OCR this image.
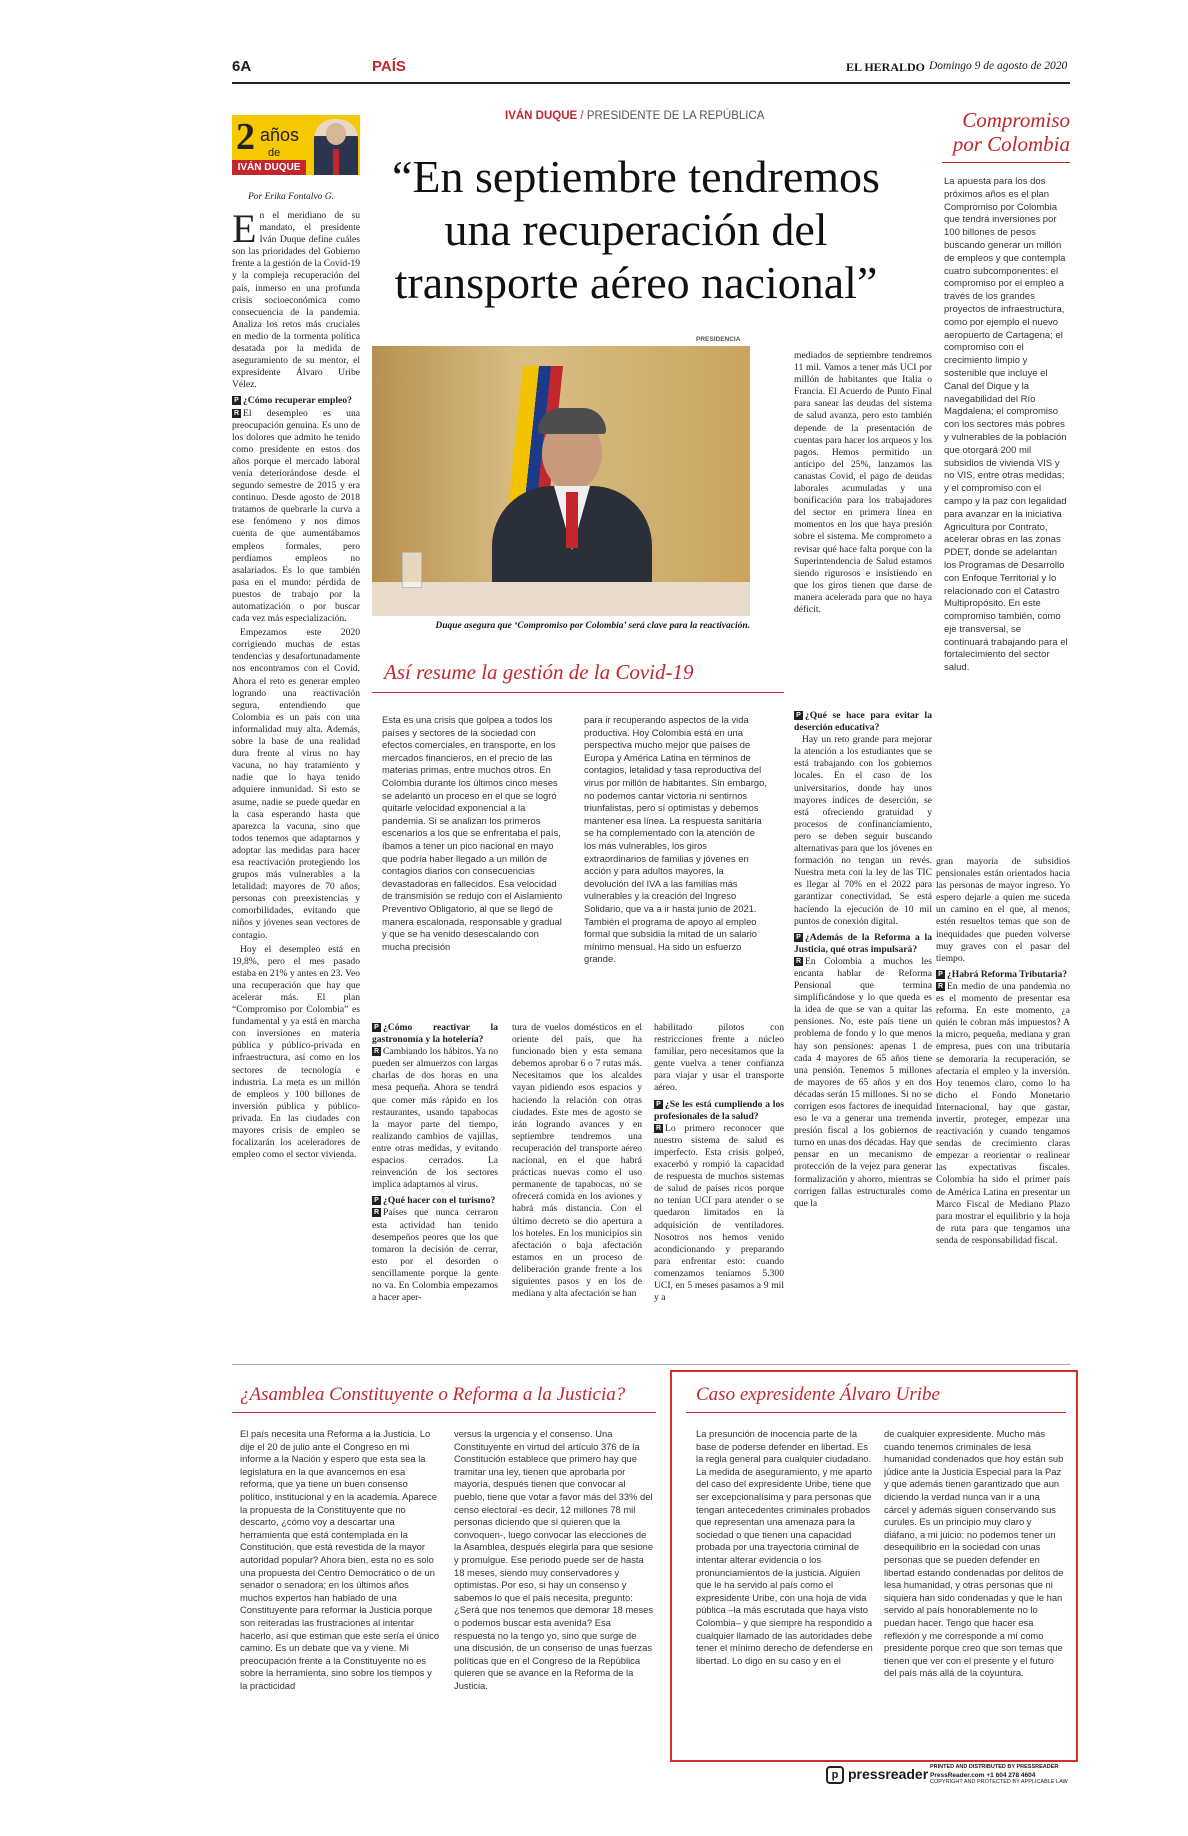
6A	PAÍS	EL HERALDO Domingo 9 de agosto de 2020
2 años
de
IVÁN DUQUE
IVÁN DUQUE / PRESIDENTE DE LA REPÚBLICA
“En septiembre tendremos
una recuperación del
transporte aéreo nacional”
Compromiso
por Colombia
La apuesta para los dos próximos años es el plan Compromiso por Colombia que tendrá inversiones por 100 billones de pesos buscando generar un millón de empleos y que contempla cuatro subcomponentes: el compromiso por el empleo a través de los grandes proyectos de infraestructura, como por ejemplo el nuevo aeropuerto de Cartagena; el compromiso con el crecimiento limpio y sostenible que incluye el Canal del Dique y la navegabilidad del Río Magdalena; el compromiso con los sectores más pobres y vulnerables de la población que otorgará 200 mil subsidios de vivienda VIS y no VIS, entre otras medidas; y el compromiso con el campo y la paz con legalidad para avanzar en la iniciativa Agricultura por Contrato, acelerar obras en las zonas PDET, donde se adelantan los Programas de Desarrollo con Enfoque Territorial y lo relacionado con el Catastro Multipropósito. En este compromiso también, como eje transversal, se continuará trabajando para el fortalecimiento del sector salud.
Por Erika Fontalvo G.
E n el meridiano de su mandato, el presidente Iván Duque define cuáles son las prioridades del Gobierno frente a la gestión de la Covid-19 y la compleja recuperación del país, inmerso en una profunda crisis socioeconómica como consecuencia de la pandemia. Analiza los retos más cruciales en medio de la tormenta política desatada por la medida de aseguramiento de su mentor, el expresidente Álvaro Uribe Vélez.

P ¿Cómo recuperar empleo?

R El desempleo es una preocupación genuina. Es uno de los dolores que admito he tenido como presidente en estos dos años porque el mercado laboral venía deteriorándose desde el segundo semestre de 2015 y era continuo. Desde agosto de 2018 tratamos de quebrarle la curva a ese fenómeno y nos dimos cuenta de que aumentábamos empleos formales, pero perdíamos empleos no asalariados. Es lo que también pasa en el mundo: pérdida de puestos de trabajo por la automatización o por buscar cada vez más especialización.

Empezamos este 2020 corrigiendo muchas de estas tendencias y desafortunadamente nos encontramos con el Covid. Ahora el reto es generar empleo logrando una reactivación segura, entendiendo que Colombia es un país con una informalidad muy alta. Además, sobre la base de una realidad dura frente al virus no hay vacuna, no hay tratamiento y nadie que lo haya tenido adquiere inmunidad. Si esto se asume, nadie se puede quedar en la casa esperando hasta que aparezca la vacuna, sino que todos tenemos que adaptarnos y adoptar las medidas para hacer esa reactivación protegiendo los grupos más vulnerables a la letalidad: mayores de 70 años, personas con preexistencias y comorbilidades, evitando que niños y jóvenes sean vectores de contagio.

Hoy el desempleo está en 19,8%, pero el mes pasado estaba en 21% y antes en 23. Veo una recuperación que hay que acelerar más. El plan “Compromiso por Colombia” es fundamental y ya está en marcha con inversiones en materia pública y público-privada en infraestructura, así como en los sectores de tecnología e industria. La meta es un millón de empleos y 100 billones de inversión pública y público-privada. En las ciudades con mayores crisis de empleo se focalizarán los aceleradores de empleo como el sector vivienda.

PRESIDENCIA
Duque asegura que ‘Compromiso por Colombia’ será clave para la reactivación.
mediados de septiembre tendremos 11 mil. Vamos a tener más UCI por millón de habitantes que Italia o Francia. El Acuerdo de Punto Final para sanear las deudas del sistema de salud avanza, pero esto también depende de la presentación de cuentas para hacer los arqueos y los pagos. Hemos permitido un anticipo del 25%, lanzamos las canastas Covid, el pago de deudas laborales acumuladas y una bonificación para los trabajadores del sector en primera línea en momentos en los que haya presión sobre el sistema. Me comprometo a revisar qué hace falta porque con la Superintendencia de Salud estamos siendo rigurosos e insistiendo en que los giros tienen que darse de manera acelerada para que no haya déficit.
Así resume la gestión de la Covid-19
Esta es una crisis que golpea a todos los países y sectores de la sociedad con efectos comerciales, en transporte, en los mercados financieros, en el precio de las materias primas, entre muchos otros. En Colombia durante los últimos cinco meses se adelantó un proceso en el que se logró quitarle velocidad exponencial a la pandemia. Si se analizan los primeros escenarios a los que se enfrentaba el país, íbamos a tener un pico nacional en mayo que podría haber llegado a un millón de contagios diarios con consecuencias devastadoras en fallecidos. Esa velocidad de transmisión se redujo con el Aislamiento Preventivo Obligatorio, al que se llegó de manera escalonada, responsable y gradual y que se ha venido desescalando con mucha precisión
para ir recuperando aspectos de la vida productiva. Hoy Colombia está en una perspectiva mucho mejor que países de Europa y América Latina en términos de contagios, letalidad y tasa reproductiva del virus por millón de habitantes. Sin embargo, no podemos cantar victoria ni sentirnos triunfalistas, pero sí optimistas y debemos mantener esa línea. La respuesta sanitaria se ha complementado con la atención de los más vulnerables, los giros extraordinarios de familias y jóvenes en acción y para adultos mayores, la devolución del IVA a las familias más vulnerables y la creación del Ingreso Solidario, que va a ir hasta junio de 2021. También el programa de apoyo al empleo formal que subsidia la mitad de un salario mínimo mensual. Ha sido un esfuerzo grande.
P ¿Qué se hace para evitar la deserción educativa?

Hay un reto grande para mejorar la atención a los estudiantes que se está trabajando con los gobiernos locales. En el caso de los universitarios, donde hay unos mayores índices de deserción, se está ofreciendo gratuidad y procesos de confinanciamiento, pero se deben seguir buscando alternativas para que los jóvenes en formación no tengan un revés. Nuestra meta con la ley de las TIC es llegar al 70% en el 2022 para garantizar conectividad. Se está haciendo la ejecución de 10 mil puntos de conexión digital.

P ¿Además de la Reforma a la Justicia, qué otras impulsará?

R En Colombia a muchos les encanta hablar de Reforma Pensional que termina simplificándose y lo que queda es la idea de que se van a quitar las pensiones. No, este país tiene un problema de fondo y lo que menos hay son pensiones: apenas 1 de cada 4 mayores de 65 años tiene una pensión. Tenemos 5 millones de mayores de 65 años y en dos décadas serán 15 millones. Si no se corrigen esos factores de inequidad eso le va a generar una tremenda presión fiscal a los gobiernos de turno en unas dos décadas. Hay que pensar en un mecanismo de protección de la vejez para generar formalización y ahorro, mientras se corrigen fallas estructurales como que la

gran mayoría de subsidios pensionales están orientados hacia las personas de mayor ingreso. Yo espero dejarle a quien me suceda un camino en el que, al menos, estén resueltos temas que son de inequidades que pueden volverse muy graves con el pasar del tiempo.

P ¿Habrá Reforma Tributaria?

R En medio de una pandemia no es el momento de presentar esa reforma. En este momento, ¿a quién le cobran más impuestos? A la micro, pequeña, mediana y gran empresa, pues con una tributaria se demoraría la recuperación, se afectaría el empleo y la inversión. Hoy tenemos claro, como lo ha dicho el Fondo Monetario Internacional, hay que gastar, invertir, proteger, empezar una reactivación y cuando tengamos sendas de crecimiento claras empezar a reorientar o realinear las expectativas fiscales. Colombia ha sido el primer país de América Latina en presentar un Marco Fiscal de Mediano Plazo para mostrar el equilibrio y la hoja de ruta para que tengamos una senda de responsabilidad fiscal.

P ¿Cómo reactivar la gastronomía y la hotelería?

R Cambiando los hábitos. Ya no pueden ser almuerzos con largas charlas de dos horas en una mesa pequeña. Ahora se tendrá que comer más rápido en los restaurantes, usando tapabocas la mayor parte del tiempo, realizando cambios de vajillas, entre otras medidas, y evitando espacios cerrados. La reinvención de los sectores implica adaptarnos al virus.

P ¿Qué hacer con el turismo?

R Países que nunca cerraron esta actividad han tenido desempeños peores que los que tomaron la decisión de cerrar, esto por el desorden o sencillamente porque la gente no va. En Colombia empezamos a hacer aper-

tura de vuelos domésticos en el oriente del país, que ha funcionado bien y esta semana debemos aprobar 6 o 7 rutas más. Necesitamos que los alcaldes vayan pidiendo esos espacios y haciendo la relación con otras ciudades. Este mes de agosto se irán logrando avances y en septiembre tendremos una recuperación del transporte aéreo nacional, en el que habrá prácticas nuevas como el uso permanente de tapabocas, no se ofrecerá comida en los aviones y habrá más distancia. Con el último decreto se dio apertura a los hoteles. En los municipios sin afectación o baja afectación estamos en un proceso de deliberación grande frente a los siguientes pasos y en los de mediana y alta afectación se han

habilitado pilotos con restricciones frente a núcleo familiar, pero necesitamos que la gente vuelva a tener confianza para viajar y usar el transporte aéreo.

P ¿Se les está cumpliendo a los profesionales de la salud?

R Lo primero reconocer que nuestro sistema de salud es imperfecto. Esta crisis golpeó, exacerbó y rompió la capacidad de respuesta de muchos sistemas de salud de países ricos porque no tenían UCI para atender o se quedaron limitados en la adquisición de ventiladores. Nosotros nos hemos venido acondicionando y preparando para enfrentar esto: cuando comenzamos teníamos 5.300 UCI, en 5 meses pasamos a 9 mil y a

¿Asamblea Constituyente o Reforma a la Justicia?
El país necesita una Reforma a la Justicia. Lo dije el 20 de julio ante el Congreso en mi informe a la Nación y espero que esta sea la legislatura en la que avancemos en esa reforma, que ya tiene un buen consenso político, institucional y en la academia. Aparece la propuesta de la Constituyente que no descarto, ¿cómo voy a descartar una herramienta que está contemplada en la Constitución, que está revestida de la mayor autoridad popular? Ahora bien, esta no es solo una propuesta del Centro Democrático o de un senador o senadora; en los últimos años muchos expertos han hablado de una Constituyente para reformar la Justicia porque son reiteradas las frustraciones al intentar hacerlo, así que estiman que este sería el único camino. Es un debate que va y viene. Mi preocupación frente a la Constituyente no es sobre la herramienta, sino sobre los tiempos y la practicidad
versus la urgencia y el consenso. Una Constituyente en virtud del artículo 376 de la Constitución establece que primero hay que tramitar una ley, tienen que aprobarla por mayoría, después tienen que convocar al pueblo, tiene que votar a favor más del 33% del censo electoral -es decir, 12 millones 78 mil personas diciendo que sí quieren que la convoquen-, luego convocar las elecciones de la Asamblea, después elegirla para que sesione y promulgue. Ese periodo puede ser de hasta 18 meses, siendo muy conservadores y optimistas. Por eso, si hay un consenso y sabemos lo que el país necesita, pregunto: ¿Será que nos tenemos que demorar 18 meses o podemos buscar esta avenida? Esa respuesta no la tengo yo, sino que surge de una discusión, de un consenso de unas fuerzas políticas que en el Congreso de la República quieren que se avance en la Reforma de la Justicia.
Caso expresidente Álvaro Uribe
La presunción de inocencia parte de la base de poderse defender en libertad. Es la regla general para cualquier ciudadano. La medida de aseguramiento, y me aparto del caso del expresidente Uribe, tiene que ser excepcionalísima y para personas que tengan antecedentes criminales probados que representan una amenaza para la sociedad o que tienen una capacidad probada por una trayectoria criminal de intentar alterar evidencia o los pronunciamientos de la justicia. Alguien que le ha servido al país como el expresidente Uribe, con una hoja de vida pública –la más escrutada que haya visto Colombia– y que siempre ha respondido a cualquier llamado de las autoridades debe tener el mínimo derecho de defenderse en libertad. Lo digo en su caso y en el
de cualquier expresidente. Mucho más cuando tenemos criminales de lesa humanidad condenados que hoy están sub júdice ante la Justicia Especial para la Paz y que además tienen garantizado que aun diciendo la verdad nunca van ir a una cárcel y además siguen conservando sus curules. Es un principio muy claro y diáfano, a mi juicio: no podemos tener un desequilibrio en la sociedad con unas personas que se pueden defender en libertad estando condenadas por delitos de lesa humanidad, y otras personas que ni siquiera han sido condenadas y que le han servido al país honorablemente no lo puedan hacer. Tengo que hacer esa reflexión y me corresponde a mí como presidente porque creo que son temas que tienen que ver con el presente y el futuro del país más allá de la coyuntura.
p pressreader PRINTED AND DISTRIBUTED BY PRESSREADER
PressReader.com +1 604 278 4604
COPYRIGHT AND PROTECTED BY APPLICABLE LAW
